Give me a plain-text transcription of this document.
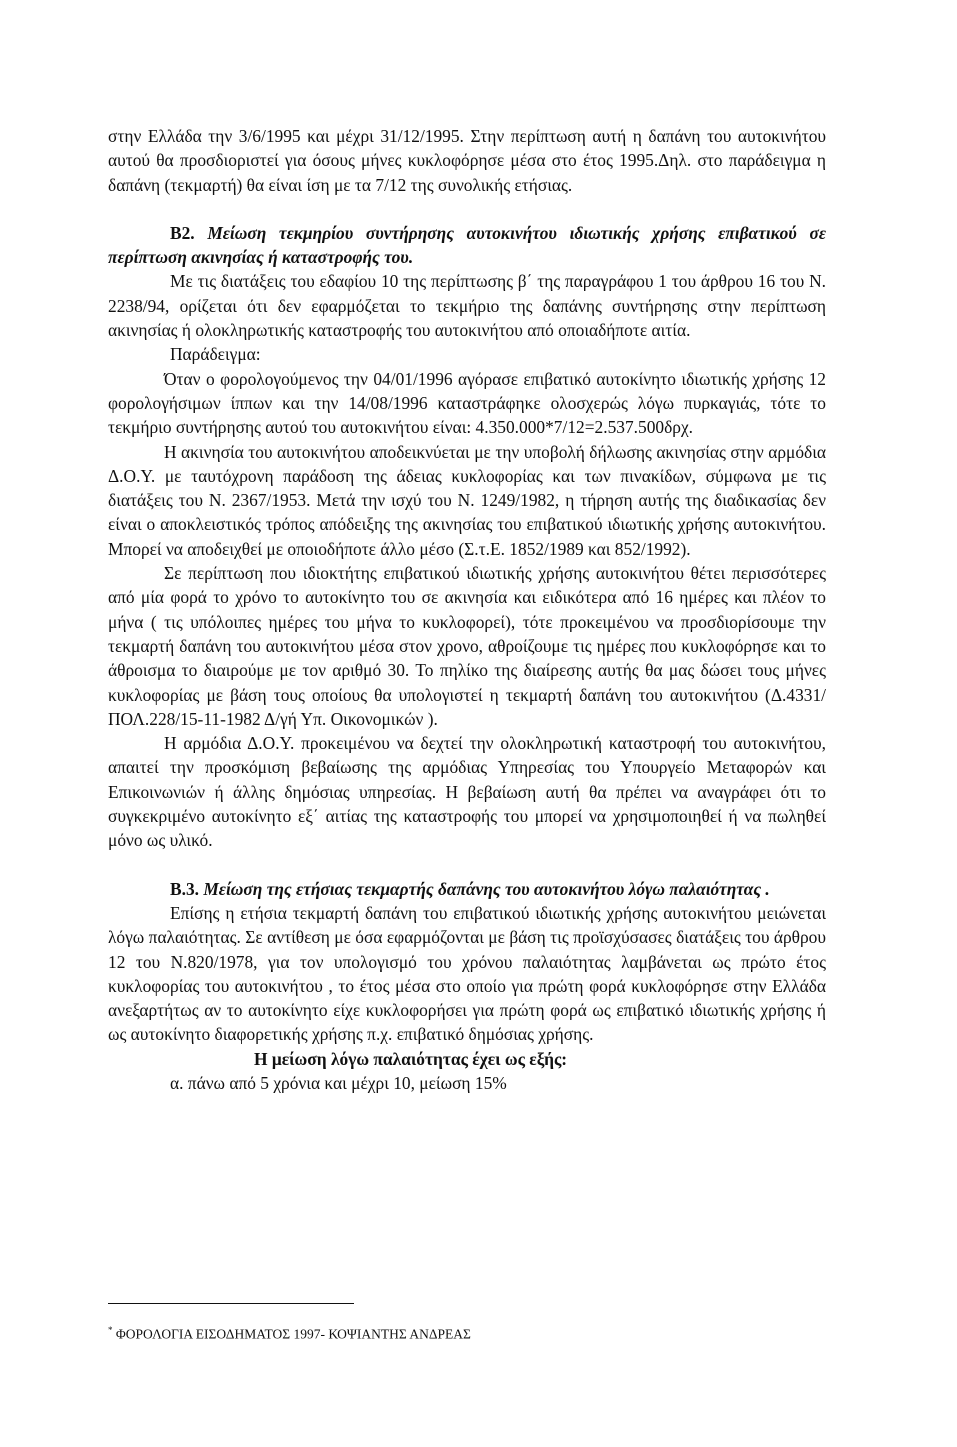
στην Ελλάδα την 3/6/1995 και μέχρι 31/12/1995. Στην περίπτωση αυτή η δαπάνη του αυτοκινήτου αυτού θα προσδιοριστεί για όσους μήνες κυκλοφόρησε μέσα στο έτος 1995.Δηλ. στο παράδειγμα η δαπάνη (τεκμαρτή) θα είναι ίση με τα 7/12 της συνολικής ετήσιας.

Β2. Μείωση τεκμηρίου συντήρησης αυτοκινήτου ιδιωτικής χρήσης επιβατικού σε περίπτωση ακινησίας ή καταστροφής του.

Με τις διατάξεις του εδαφίου 10 της περίπτωσης β΄ της παραγράφου 1 του άρθρου 16 του Ν. 2238/94, ορίζεται ότι δεν εφαρμόζεται το τεκμήριο της δαπάνης συντήρησης στην περίπτωση ακινησίας ή ολοκληρωτικής καταστροφής του αυτοκινήτου από οποιαδήποτε αιτία.

Παράδειγμα:

Όταν ο φορολογούμενος την 04/01/1996 αγόρασε επιβατικό αυτοκίνητο ιδιωτικής χρήσης 12 φορολογήσιμων ίππων και την 14/08/1996 καταστράφηκε ολοσχερώς λόγω πυρκαγιάς, τότε το τεκμήριο συντήρησης αυτού του αυτοκινήτου είναι: 4.350.000*7/12=2.537.500δρχ.

Η ακινησία του αυτοκινήτου αποδεικνύεται με την υποβολή δήλωσης ακινησίας στην αρμόδια Δ.Ο.Υ. με ταυτόχρονη παράδοση της άδειας κυκλοφορίας και των πινακίδων, σύμφωνα με τις διατάξεις του Ν. 2367/1953. Μετά την ισχύ του Ν. 1249/1982, η τήρηση αυτής της διαδικασίας δεν είναι ο αποκλειστικός τρόπος απόδειξης της ακινησίας του επιβατικού ιδιωτικής χρήσης αυτοκινήτου. Μπορεί να αποδειχθεί με οποιοδήποτε άλλο μέσο (Σ.τ.Ε. 1852/1989 και 852/1992).

Σε περίπτωση που ιδιοκτήτης επιβατικού ιδιωτικής χρήσης αυτοκινήτου θέτει περισσότερες από μία φορά το χρόνο το αυτοκίνητο του σε ακινησία και ειδικότερα από 16 ημέρες και πλέον το μήνα ( τις υπόλοιπες ημέρες του μήνα το κυκλοφορεί), τότε προκειμένου να προσδιορίσουμε την τεκμαρτή δαπάνη του αυτοκινήτου μέσα στον χρονο, αθροίζουμε τις ημέρες που κυκλοφόρησε και το άθροισμα το διαιρούμε με τον αριθμό 30. Το πηλίκο της διαίρεσης αυτής θα μας δώσει τους μήνες κυκλοφορίας με βάση τους οποίους θα υπολογιστεί η τεκμαρτή δαπάνη του αυτοκινήτου (Δ.4331/ΠΟΛ.228/15-11-1982 Δ/γή Υπ. Οικονομικών ).

Η αρμόδια Δ.Ο.Υ. προκειμένου να δεχτεί την ολοκληρωτική καταστροφή του αυτοκινήτου, απαιτεί την προσκόμιση βεβαίωσης της αρμόδιας Υπηρεσίας του Υπουργείο Μεταφορών και Επικοινωνιών ή άλλης δημόσιας υπηρεσίας. Η βεβαίωση αυτή θα πρέπει να αναγράφει ότι το συγκεκριμένο αυτοκίνητο εξ΄ αιτίας της καταστροφής του μπορεί να χρησιμοποιηθεί ή να πωληθεί μόνο ως υλικό.

Β.3. Μείωση της ετήσιας τεκμαρτής δαπάνης του αυτοκινήτου λόγω παλαιότητας .

Επίσης η ετήσια τεκμαρτή δαπάνη του επιβατικού ιδιωτικής χρήσης αυτοκινήτου μειώνεται λόγω παλαιότητας. Σε αντίθεση με όσα εφαρμόζονται με βάση τις προϊσχύσασες διατάξεις του άρθρου 12 του Ν.820/1978, για τον υπολογισμό του χρόνου παλαιότητας λαμβάνεται ως πρώτο έτος κυκλοφορίας του αυτοκινήτου , το έτος μέσα στο οποίο για πρώτη φορά κυκλοφόρησε στην Ελλάδα ανεξαρτήτως αν το αυτοκίνητο είχε κυκλοφορήσει για πρώτη φορά ως επιβατικό ιδιωτικής χρήσης ή ως αυτοκίνητο διαφορετικής χρήσης π.χ. επιβατικό δημόσιας χρήσης.

Η μείωση λόγω παλαιότητας έχει ως εξής:

α. πάνω από 5 χρόνια και μέχρι 10, μείωση 15%

* ΦΟΡΟΛΟΓΙΑ ΕΙΣΟΔΗΜΑΤΟΣ 1997- ΚΟΨΙΑΝΤΗΣ ΑΝΔΡΕΑΣ
